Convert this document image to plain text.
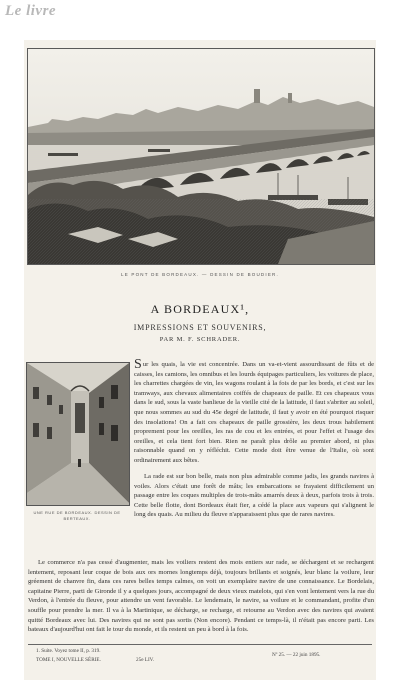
Le livre
LE PONT DE BORDEAUX. — DESSIN DE BOUDIER.
A BORDEAUX¹,
IMPRESSIONS ET SOUVENIRS,
PAR M. F. SCHRADER.
UNE RUE DE BORDEAUX. DESSIN DE BERTEAUX.

Sur les quais, la vie est concentrée. Dans un va-et-vient assourdissant de fûts et de caisses, les camions, les omnibus et les lourds équipages particuliers, les voitures de place, les charrettes chargées de vin, les wagons roulant à la fois de par les bords, et c'est sur les tramways, aux chevaux alimentaires coiffés de chapeaux de paille. Et ces chapeaux vous dans le sud, sous la vaste banlieue de la vieille cité de la latitude, il faut s'abriter au soleil, que nous sommes au sud du 45e degré de latitude, il faut y avoir en été pourquoi risquer des insolations! On a fait ces chapeaux de paille grossière, les deux trous habilement proprement pour les oreilles, les ras de cou et les entrées, et pour l'effet et l'usage des oreilles, et cela tient fort bien. Rien ne paraît plus drôle au premier abord, ni plus raisonnable quand on y réfléchit. Cette mode doit être venue de l'Italie, où sont ordinairement aux bêtes.

La rade est sur bon belle, mais non plus admirable comme jadis, les grands navires à voiles. Alors c'était une forêt de mâts; les embarcations se frayaient difficilement un passage entre les coques multiples de trois-mâts amarrés deux à deux, parfois trois à trois. Cette belle flotte, dont Bordeaux était fier, a cédé la place aux vapeurs qui s'alignent le long des quais. Au milieu du fleuve n'apparaissent plus que de rares navires.

Le commerce n'a pas cessé d'augmenter, mais les voiliers restent des mois entiers sur rade, se déchargent et se rechargent lentement, reposant leur coque de bois aux ors mornes longtemps déjà, toujours brillants et soignés, leur blanc la voilure, leur gréement de chanvre fin, dans ces rares belles temps calmes, on voit un exemplaire navire de une connaissance. Le Bordelais, capitaine Pierre, parti de Gironde il y a quelques jours, accompagné de deux vieux matelots, qui s'en vont lentement vers la rue du Verdon, à l'entrée du fleuve, pour attendre un vent favorable. Le lendemain, le navire, sa voilure et le commandant, profite d'un souffle pour prendre la mer. Il va à la Martinique, se décharge, se recharge, et retourne au Verdon avec des navires qui avaient quitté Bordeaux avec lui. Des navires qui ne sont pas sortis (Non encore). Pendant ce temps-là, il n'était pas encore parti. Les bateaux d'aujourd'hui ont fait le tour du monde, et ils restent un peu à bord à la fois.

1. Suite. Voyez tome II, p. 319.
TOME I, NOUVELLE SÉRIE.	25e LIV.
Nº 25. — 22 juin 1895.
